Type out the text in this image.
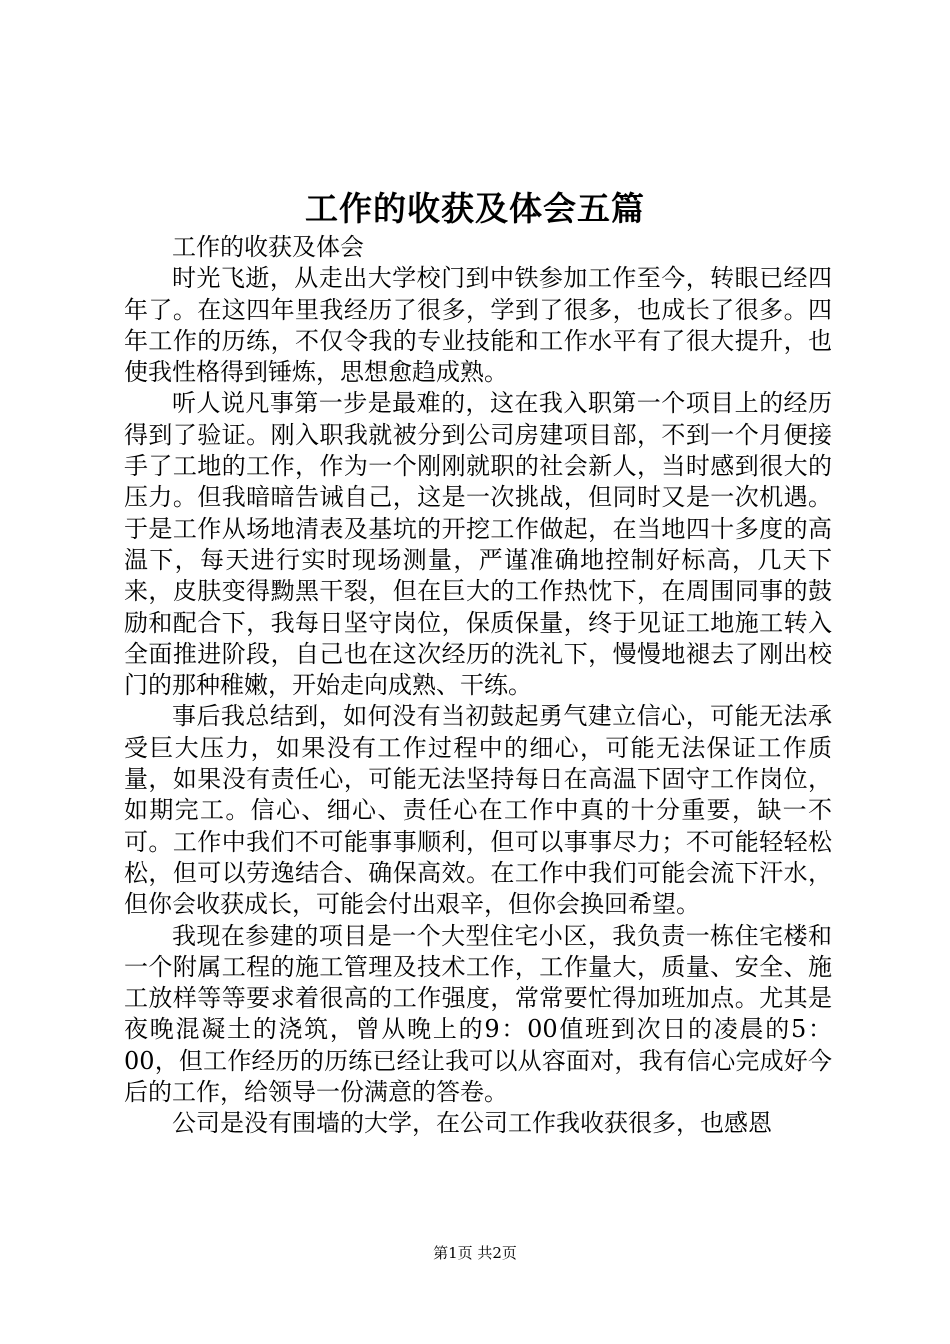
工作的收获及体会五篇

工作的收获及体会

时光飞逝，从走出大学校门到中铁参加工作至今，转眼已经四年了。在这四年里我经历了很多，学到了很多，也成长了很多。四年工作的历练，不仅令我的专业技能和工作水平有了很大提升，也使我性格得到锤炼，思想愈趋成熟。

听人说凡事第一步是最难的，这在我入职第一个项目上的经历得到了验证。刚入职我就被分到公司房建项目部，不到一个月便接手了工地的工作，作为一个刚刚就职的社会新人，当时感到很大的压力。但我暗暗告诫自己，这是一次挑战，但同时又是一次机遇。于是工作从场地清表及基坑的开挖工作做起，在当地四十多度的高温下，每天进行实时现场测量，严谨准确地控制好标高，几天下来，皮肤变得黝黑干裂，但在巨大的工作热忱下，在周围同事的鼓励和配合下，我每日坚守岗位，保质保量，终于见证工地施工转入全面推进阶段，自己也在这次经历的洗礼下，慢慢地褪去了刚出校门的那种稚嫩，开始走向成熟、干练。

事后我总结到，如何没有当初鼓起勇气建立信心，可能无法承受巨大压力，如果没有工作过程中的细心，可能无法保证工作质量，如果没有责任心，可能无法坚持每日在高温下固守工作岗位，如期完工。信心、细心、责任心在工作中真的十分重要，缺一不可。工作中我们不可能事事顺利，但可以事事尽力；不可能轻轻松松，但可以劳逸结合、确保高效。在工作中我们可能会流下汗水，但你会收获成长，可能会付出艰辛，但你会换回希望。

我现在参建的项目是一个大型住宅小区，我负责一栋住宅楼和一个附属工程的施工管理及技术工作，工作量大，质量、安全、施工放样等等要求着很高的工作强度，常常要忙得加班加点。尤其是夜晚混凝土的浇筑，曾从晚上的9：00值班到次日的凌晨的5：00，但工作经历的历练已经让我可以从容面对，我有信心完成好今后的工作，给领导一份满意的答卷。

公司是没有围墙的大学，在公司工作我收获很多，也感恩

第1页 共2页
